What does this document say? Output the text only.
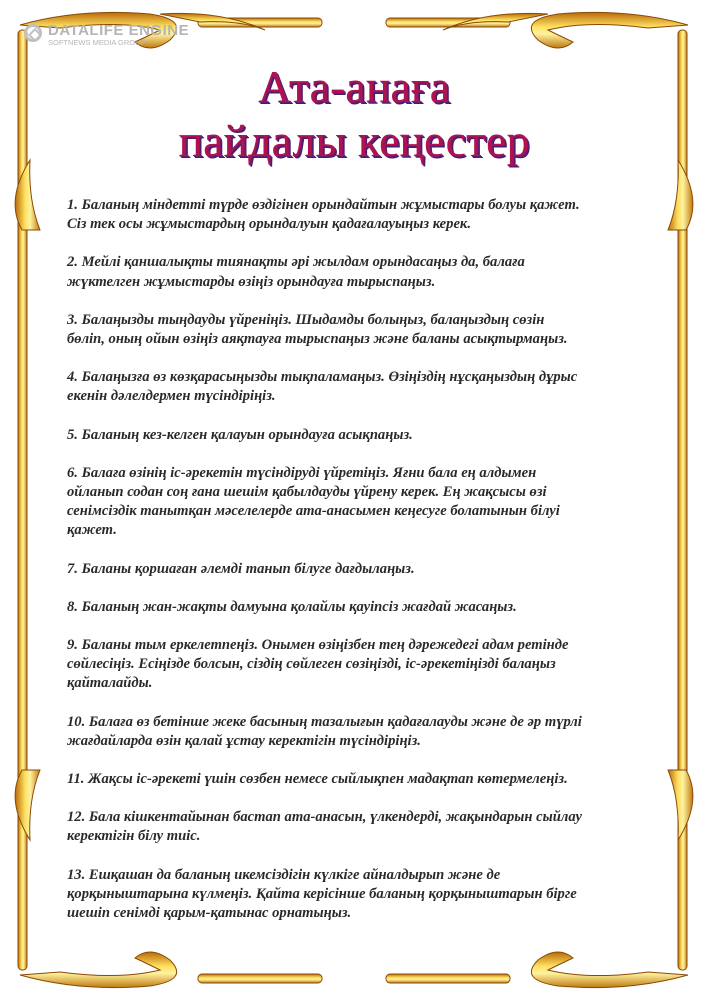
DATALIFE ENGINE
SOFTNEWS MEDIA GROUP
Ата-анаға
пайдалы кеңестер
1. Баланың міндетті түрде өздігінен орындайтын жұмыстары болуы қажет.
Сіз тек осы жұмыстардың орындалуын қадағалауыңыз керек.
2. Мейлі қаншалықты тиянақты әрі жылдам орындасаңыз да, балаға
жүктелген жұмыстарды өзіңіз орындауға тырыспаңыз.
3. Балаңызды тыңдауды үйреніңіз. Шыдамды болыңыз, балаңыздың сөзін
бөліп, оның ойын өзіңіз аяқтауға тырыспаңыз және баланы асықтырмаңыз.
4. Балаңызға өз көзқарасыңызды тықпаламаңыз. Өзіңіздің нұсқаңыздың дұрыс
екенін дәлелдермен түсіндіріңіз.
5. Баланың кез-келген қалауын орындауға асықпаңыз.
6. Балаға өзінің іс-әрекетін түсіндіруді үйретіңіз. Яғни бала ең алдымен
ойланып содан соң ғана шешім қабылдауды үйрену керек. Ең жақсысы өзі
сенімсіздік танытқан мәселелерде ата-анасымен кеңесуге болатынын білуі
қажет.
7. Баланы қоршаған әлемді танып білуге дағдылаңыз.
8. Баланың жан-жақты дамуына қолайлы қауіпсіз жағдай жасаңыз.
9. Баланы тым еркелетпеңіз. Онымен өзіңізбен тең дәрежедегі адам ретінде
сөйлесіңіз. Есіңізде болсын, сіздің сөйлеген сөзіңізді, іс-әрекетіңізді балаңыз
қайталайды.
10. Балаға өз бетінше жеке басының тазалығын қадағалауды және де әр түрлі
жағдайларда өзін қалай ұстау керектігін түсіндіріңіз.
11. Жақсы іс-әрекеті үшін сөзбен немесе сыйлықпен мадақтап көтермелеңіз.
12. Бала кішкентайынан бастап ата-анасын, үлкендерді, жақындарын сыйлау
керектігін білу тиіс.
13. Ешқашан да баланың икемсіздігін күлкіге айналдырып және де
қорқыныштарына күлмеңіз. Қайта керісінше баланың қорқыныштарын бірге
шешіп сенімді қарым-қатынас орнатыңыз.
